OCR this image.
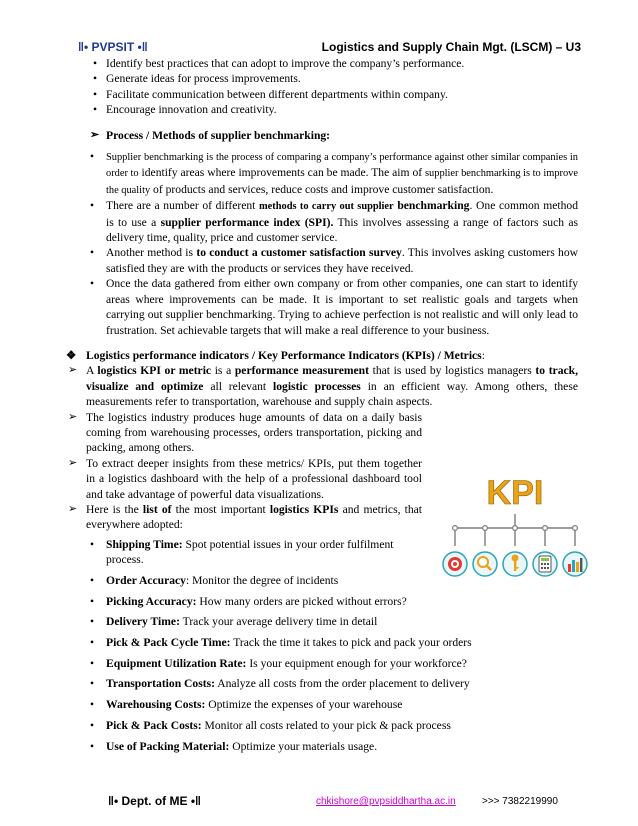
‖• PVPSIT •‖	Logistics and Supply Chain Mgt. (LSCM) – U3
• Identify best practices that can adopt to improve the company’s performance.
• Generate ideas for process improvements.
• Facilitate communication between different departments within company.
• Encourage innovation and creativity.
➢ Process / Methods of supplier benchmarking:
• Supplier benchmarking is the process of comparing a company’s performance against other similar companies in order to identify areas where improvements can be made. The aim of supplier benchmarking is to improve the quality of products and services, reduce costs and improve customer satisfaction.
• There are a number of different methods to carry out supplier benchmarking. One common method is to use a supplier performance index (SPI). This involves assessing a range of factors such as delivery time, quality, price and customer service.
• Another method is to conduct a customer satisfaction survey. This involves asking customers how satisfied they are with the products or services they have received.
• Once the data gathered from either own company or from other companies, one can start to identify areas where improvements can be made. It is important to set realistic goals and targets when carrying out supplier benchmarking. Trying to achieve perfection is not realistic and will only lead to frustration. Set achievable targets that will make a real difference to your business.
❖ Logistics performance indicators / Key Performance Indicators (KPIs) / Metrics:
➢ A logistics KPI or metric is a performance measurement that is used by logistics managers to track, visualize and optimize all relevant logistic processes in an efficient way. Among others, these measurements refer to transportation, warehouse and supply chain aspects.
➢ The logistics industry produces huge amounts of data on a daily basis coming from warehousing processes, orders transportation, picking and packing, among others.
➢ To extract deeper insights from these metrics/ KPIs, put them together in a logistics dashboard with the help of a professional dashboard tool and take advantage of powerful data visualizations.
➢ Here is the list of the most important logistics KPIs and metrics, that everywhere adopted:
• Shipping Time: Spot potential issues in your order fulfilment process.
• Order Accuracy: Monitor the degree of incidents
• Picking Accuracy: How many orders are picked without errors?
• Delivery Time: Track your average delivery time in detail
• Pick & Pack Cycle Time: Track the time it takes to pick and pack your orders
• Equipment Utilization Rate: Is your equipment enough for your workforce?
• Transportation Costs: Analyze all costs from the order placement to delivery
• Warehousing Costs: Optimize the expenses of your warehouse
• Pick & Pack Costs: Monitor all costs related to your pick & pack process
• Use of Packing Material: Optimize your materials usage.
KPI
‖• Dept. of ME •‖	chkishore@pvpsiddhartha.ac.in	>>> 7382219990
